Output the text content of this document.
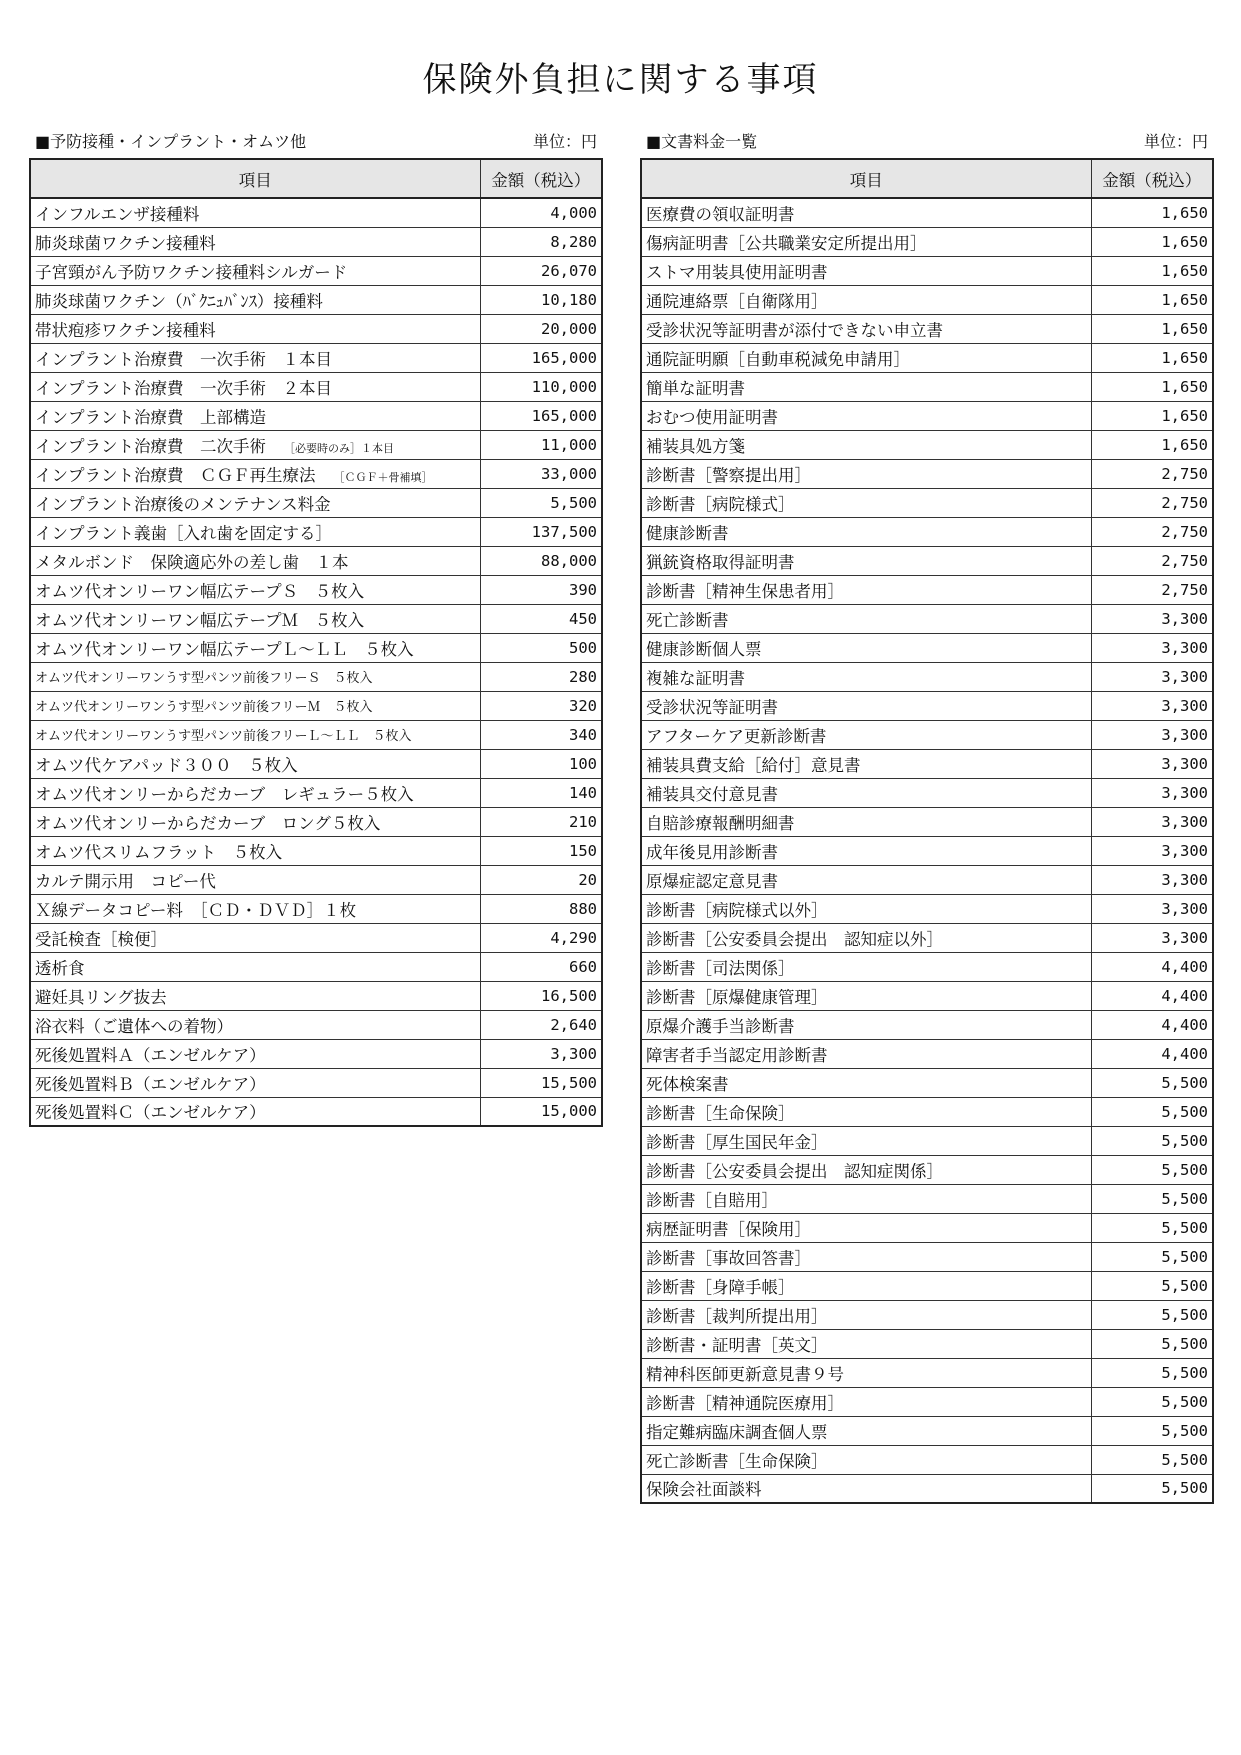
保険外負担に関する事項
■予防接種・インプラント・オムツ他	単位：円
項目	金額（税込）
インフルエンザ接種料	4,000
肺炎球菌ワクチン接種料	8,280
子宮頸がん予防ワクチン接種料シルガード	26,070
肺炎球菌ワクチン（ﾊﾞｸﾆｭﾊﾞﾝｽ）接種料	10,180
帯状疱疹ワクチン接種料	20,000
インプラント治療費　一次手術　１本目	165,000
インプラント治療費　一次手術　２本目	110,000
インプラント治療費　上部構造	165,000
インプラント治療費　二次手術 ［必要時のみ］１本目	11,000
インプラント治療費　ＣＧＦ再生療法 ［ＣＧＦ＋骨補填］	33,000
インプラント治療後のメンテナンス料金	5,500
インプラント義歯［入れ歯を固定する］	137,500
メタルボンド　保険適応外の差し歯　１本	88,000
オムツ代オンリーワン幅広テープＳ　５枚入	390
オムツ代オンリーワン幅広テープＭ　５枚入	450
オムツ代オンリーワン幅広テープＬ～ＬＬ　５枚入	500
オムツ代オンリーワンうす型パンツ前後フリーＳ　５枚入	280
オムツ代オンリーワンうす型パンツ前後フリーＭ　５枚入	320
オムツ代オンリーワンうす型パンツ前後フリーＬ～ＬＬ　５枚入	340
オムツ代ケアパッド３００　５枚入	100
オムツ代オンリーからだカーブ　レギュラー５枚入	140
オムツ代オンリーからだカーブ　ロング５枚入	210
オムツ代スリムフラット　５枚入	150
カルテ開示用　コピー代	20
Ｘ線データコピー料　［ＣＤ・ＤＶＤ］１枚	880
受託検査［検便］	4,290
透析食	660
避妊具リング抜去	16,500
浴衣料（ご遺体への着物）	2,640
死後処置料Ａ（エンゼルケア）	3,300
死後処置料Ｂ（エンゼルケア）	15,500
死後処置料Ｃ（エンゼルケア）	15,000
■文書料金一覧	単位：円
項目	金額（税込）
医療費の領収証明書	1,650
傷病証明書［公共職業安定所提出用］	1,650
ストマ用装具使用証明書	1,650
通院連絡票［自衛隊用］	1,650
受診状況等証明書が添付できない申立書	1,650
通院証明願［自動車税減免申請用］	1,650
簡単な証明書	1,650
おむつ使用証明書	1,650
補装具処方箋	1,650
診断書［警察提出用］	2,750
診断書［病院様式］	2,750
健康診断書	2,750
猟銃資格取得証明書	2,750
診断書［精神生保患者用］	2,750
死亡診断書	3,300
健康診断個人票	3,300
複雑な証明書	3,300
受診状況等証明書	3,300
アフターケア更新診断書	3,300
補装具費支給［給付］意見書	3,300
補装具交付意見書	3,300
自賠診療報酬明細書	3,300
成年後見用診断書	3,300
原爆症認定意見書	3,300
診断書［病院様式以外］	3,300
診断書［公安委員会提出　認知症以外］	3,300
診断書［司法関係］	4,400
診断書［原爆健康管理］	4,400
原爆介護手当診断書	4,400
障害者手当認定用診断書	4,400
死体検案書	5,500
診断書［生命保険］	5,500
診断書［厚生国民年金］	5,500
診断書［公安委員会提出　認知症関係］	5,500
診断書［自賠用］	5,500
病歴証明書［保険用］	5,500
診断書［事故回答書］	5,500
診断書［身障手帳］	5,500
診断書［裁判所提出用］	5,500
診断書・証明書［英文］	5,500
精神科医師更新意見書９号	5,500
診断書［精神通院医療用］	5,500
指定難病臨床調査個人票	5,500
死亡診断書［生命保険］	5,500
保険会社面談料	5,500
